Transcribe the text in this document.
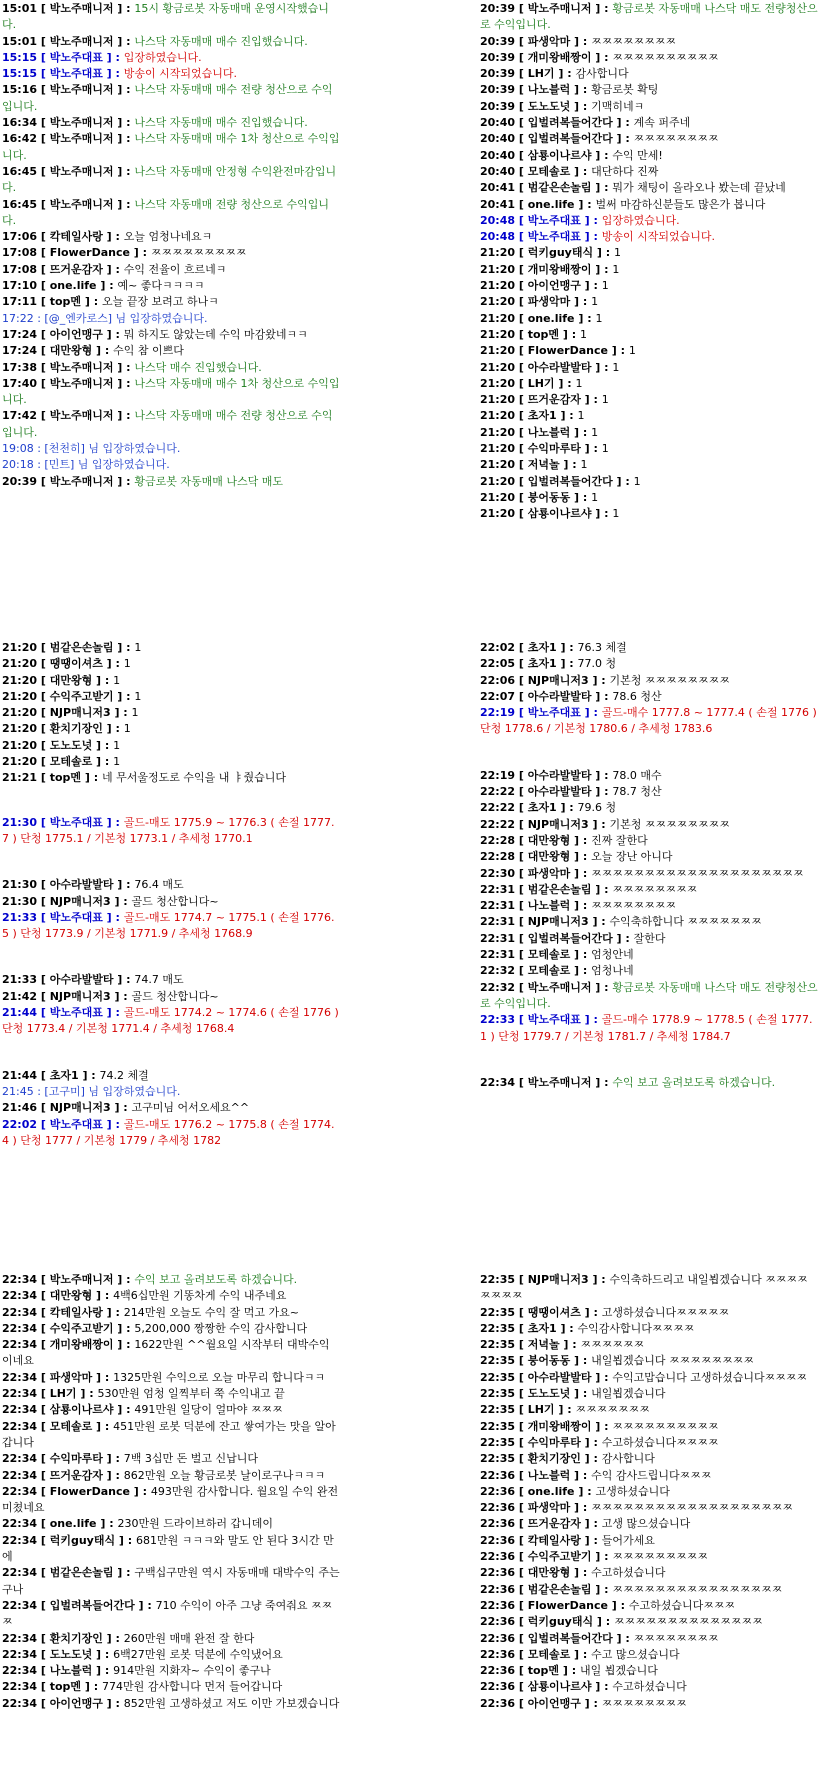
15:01 [ 박노주매니저 ] : 15시 황금로봇 자동매매 운영시작했습니다.
15:01 [ 박노주매니저 ] : 나스닥 자동매매 매수 진입했습니다.
15:15 [ 박노주대표 ] : 입장하였습니다.
15:15 [ 박노주대표 ] : 방송이 시작되었습니다.
15:16 [ 박노주매니저 ] : 나스닥 자동매매 매수 전량 청산으로 수익입니다.
16:34 [ 박노주매니저 ] : 나스닥 자동매매 매수 진입했습니다.
16:42 [ 박노주매니저 ] : 나스닥 자동매매 매수 1차 청산으로 수익입니다.
16:45 [ 박노주매니저 ] : 나스닥 자동매매 안정형 수익완전마감입니다.
16:45 [ 박노주매니저 ] : 나스닥 자동매매 전량 청산으로 수익입니다.
17:06 [ 칵테일사랑 ] : 오늘 엄청나네요ㅋ
17:08 [ FlowerDance ] : ㅉㅉㅉㅉㅉㅉㅉㅉㅉ
17:08 [ 뜨거운감자 ] : 수익 전율이 흐르네ㅋ
17:10 [ one.life ] : 예~ 좋다ㅋㅋㅋㅋ
17:11 [ top멘 ] : 오늘 끝장 보려고 하나ㅋ
17:22 : [@_엔카로스] 님 입장하였습니다.
17:24 [ 아이언맹구 ] : 뭐 하지도 않았는데 수익 마감왔네ㅋㅋ
17:24 [ 대만왕형 ] : 수익 참 이쁘다
17:38 [ 박노주매니저 ] : 나스닥 매수 진입했습니다.
17:40 [ 박노주매니저 ] : 나스닥 자동매매 매수 1차 청산으로 수익입니다.
17:42 [ 박노주매니저 ] : 나스닥 자동매매 매수 전량 청산으로 수익입니다.
19:08 : [천천히] 님 입장하였습니다.
20:18 : [민트] 님 입장하였습니다.
20:39 [ 박노주매니저 ] : 황금로봇 자동매매 나스닥 매도
20:39 [ 박노주매니저 ] : 황금로봇 자동매매 나스닥 매도 전량청산으로 수익입니다.
20:39 [ 파생악마 ] : ㅉㅉㅉㅉㅉㅉㅉㅉ
20:39 [ 개미왕배짱이 ] : ㅉㅉㅉㅉㅉㅉㅉㅉㅉㅉ
20:39 [ LH기 ] : 감사합니다
20:39 [ 나노블럭 ] : 황금로봇 확팅
20:39 [ 도노도넛 ] : 기맥히네ㅋ
20:40 [ 입벌려복들어간다 ] : 계속 퍼주네
20:40 [ 입벌려복들어간다 ] : ㅉㅉㅉㅉㅉㅉㅉㅉ
20:40 [ 삼룡이나르샤 ] : 수익 만세!
20:40 [ 모테솔로 ] : 대단하다 진짜
20:41 [ 범같은손놀림 ] : 뭐가 채팅이 올라오나 봤는데 끝났네
20:41 [ one.life ] : 벌써 마감하신분들도 많은가 봅니다
20:48 [ 박노주대표 ] : 입장하였습니다.
20:48 [ 박노주대표 ] : 방송이 시작되었습니다.
21:20 [ 럭키guy태식 ] : 1
21:20 [ 개미왕배짱이 ] : 1
21:20 [ 아이언맹구 ] : 1
21:20 [ 파생악마 ] : 1
21:20 [ one.life ] : 1
21:20 [ top멘 ] : 1
21:20 [ FlowerDance ] : 1
21:20 [ 아수라발발타 ] : 1
21:20 [ LH기 ] : 1
21:20 [ 뜨거운감자 ] : 1
21:20 [ 초자1 ] : 1
21:20 [ 나노블럭 ] : 1
21:20 [ 수익마루타 ] : 1
21:20 [ 저녁놀 ] : 1
21:20 [ 입벌려복들어간다 ] : 1
21:20 [ 붕어동동 ] : 1
21:20 [ 삼룡이나르샤 ] : 1
21:20 [ 범같은손놀림 ] : 1
21:20 [ 땡땡이셔츠 ] : 1
21:20 [ 대만왕형 ] : 1
21:20 [ 수익주고받기 ] : 1
21:20 [ NJP매니저3 ] : 1
21:20 [ 환치기장인 ] : 1
21:20 [ 도노도넛 ] : 1
21:20 [ 모테솔로 ] : 1
21:21 [ top멘 ] : 네 무서울정도로 수익을 내 ㅑ줬습니다
21:30 [ 박노주대표 ] : 골드-매도 1775.9 ~ 1776.3 ( 손절 1777.7 ) 단청 1775.1 / 기본청 1773.1 / 추세청 1770.1
21:30 [ 아수라발발타 ] : 76.4 매도
21:30 [ NJP매니저3 ] : 골드 청산합니다~
21:33 [ 박노주대표 ] : 골드-매도 1774.7 ~ 1775.1 ( 손절 1776.5 ) 단청 1773.9 / 기본청 1771.9 / 추세청 1768.9
21:33 [ 아수라발발타 ] : 74.7 매도
21:42 [ NJP매니저3 ] : 골드 청산합니다~
21:44 [ 박노주대표 ] : 골드-매도 1774.2 ~ 1774.6 ( 손절 1776 ) 단청 1773.4 / 기본청 1771.4 / 추세청 1768.4
21:44 [ 초자1 ] : 74.2 체결
21:45 : [고구미] 님 입장하였습니다.
21:46 [ NJP매니저3 ] : 고구미님 어서오세요^^
22:02 [ 박노주대표 ] : 골드-매도 1776.2 ~ 1775.8 ( 손절 1774.4 ) 단청 1777 / 기본청 1779 / 추세청 1782
22:02 [ 초자1 ] : 76.3 체결
22:05 [ 초자1 ] : 77.0 청
22:06 [ NJP매니저3 ] : 기본청 ㅉㅉㅉㅉㅉㅉㅉㅉ
22:07 [ 아수라발발타 ] : 78.6 청산
22:19 [ 박노주대표 ] : 골드-매수 1777.8 ~ 1777.4 ( 손절 1776 ) 단청 1778.6 / 기본청 1780.6 / 추세청 1783.6
22:19 [ 아수라발발타 ] : 78.0 매수
22:22 [ 아수라발발타 ] : 78.7 청산
22:22 [ 초자1 ] : 79.6 청
22:22 [ NJP매니저3 ] : 기본청 ㅉㅉㅉㅉㅉㅉㅉㅉ
22:28 [ 대만왕형 ] : 진짜 잘한다
22:28 [ 대만왕형 ] : 오늘 장난 아니다
22:30 [ 파생악마 ] : ㅉㅉㅉㅉㅉㅉㅉㅉㅉㅉㅉㅉㅉㅉㅉㅉㅉㅉㅉㅉ
22:31 [ 범같은손놀림 ] : ㅉㅉㅉㅉㅉㅉㅉㅉ
22:31 [ 나노블럭 ] : ㅉㅉㅉㅉㅉㅉㅉㅉ
22:31 [ NJP매니저3 ] : 수익축하합니다 ㅉㅉㅉㅉㅉㅉㅉ
22:31 [ 입벌려복들어간다 ] : 잘한다
22:31 [ 모테솔로 ] : 엄청안네
22:32 [ 모테솔로 ] : 엄청나네
22:32 [ 박노주매니저 ] : 황금로봇 자동매매 나스닥 매도 전량청산으로 수익입니다.
22:33 [ 박노주대표 ] : 골드-매수 1778.9 ~ 1778.5 ( 손절 1777.1 ) 단청 1779.7 / 기본청 1781.7 / 추세청 1784.7
22:34 [ 박노주매니저 ] : 수익 보고 올려보도록 하겠습니다.
22:34 [ 박노주매니저 ] : 수익 보고 올려보도록 하겠습니다.
22:34 [ 대만왕형 ] : 4백6십만원 기똥차게 수익 내주네요
22:34 [ 칵테일사랑 ] : 214만원 오늘도 수익 잘 먹고 가요~
22:34 [ 수익주고받기 ] : 5,200,000 짱짱한 수익 감사합니다
22:34 [ 개미왕배짱이 ] : 1622만원 ^^월요일 시작부터 대박수익이네요
22:34 [ 파생악마 ] : 1325만원 수익으로 오늘 마무리 합니다ㅋㅋ
22:34 [ LH기 ] : 530만원 엄청 일찍부터 쭉 수익내고 끝
22:34 [ 삼룡이나르샤 ] : 491만원 일당이 얼마야 ㅉㅉㅉ
22:34 [ 모테솔로 ] : 451만원 로봇 덕분에 잔고 쌓여가는 맛을 알아갑니다
22:34 [ 수익마루타 ] : 7백 3십만 돈 벌고 신납니다
22:34 [ 뜨거운감자 ] : 862만원 오늘 황금로봇 날이로구나ㅋㅋㅋ
22:34 [ FlowerDance ] : 493만원 감사합니다. 월요일 수익 완전 미쳤네요
22:34 [ one.life ] : 230만원 드라이브하러 갑니데이
22:34 [ 럭키guy태식 ] : 681만원 ㅋㅋㅋ와 말도 안 된다 3시간 만에
22:34 [ 범같은손놀림 ] : 구백십구만원 역시 자동매매 대박수익 주는구나
22:34 [ 입벌려복들어간다 ] : 710 수익이 아주 그냥 죽여줘요 ㅉㅉㅉ
22:34 [ 환치기장인 ] : 260만원 매매 완전 잘 한다
22:34 [ 도노도넛 ] : 6백27만원 로봇 덕분에 수익냈어요
22:34 [ 나노블럭 ] : 914만원 지화자~ 수익이 좋구나
22:34 [ top멘 ] : 774만원 감사합니다 먼저 들어갑니다
22:34 [ 아이언맹구 ] : 852만원 고생하셨고 저도 이만 가보겠습니다
22:35 [ NJP매니저3 ] : 수익축하드리고 내일뵙겠습니다 ㅉㅉㅉㅉㅉㅉㅉㅉ
22:35 [ 땡땡이셔츠 ] : 고생하셨습니다ㅉㅉㅉㅉㅉ
22:35 [ 초자1 ] : 수익감사합니다ㅉㅉㅉㅉ
22:35 [ 저녁놀 ] : ㅉㅉㅉㅉㅉㅉ
22:35 [ 붕어동동 ] : 내일뵙겠습니다 ㅉㅉㅉㅉㅉㅉㅉㅉ
22:35 [ 아수라발발타 ] : 수익고맙습니다 고생하셨습니다ㅉㅉㅉㅉ
22:35 [ 도노도넛 ] : 내일뵙겠습니다
22:35 [ LH기 ] : ㅉㅉㅉㅉㅉㅉㅉ
22:35 [ 개미왕배짱이 ] : ㅉㅉㅉㅉㅉㅉㅉㅉㅉㅉ
22:35 [ 수익마루타 ] : 수고하셨습니다ㅉㅉㅉㅉ
22:35 [ 환치기장인 ] : 감사합니다
22:36 [ 나노블럭 ] : 수익 감사드립니다ㅉㅉㅉ
22:36 [ one.life ] : 고생하셨습니다
22:36 [ 파생악마 ] : ㅉㅉㅉㅉㅉㅉㅉㅉㅉㅉㅉㅉㅉㅉㅉㅉㅉㅉㅉ
22:36 [ 뜨거운감자 ] : 고생 많으셨습니다
22:36 [ 칵테일사랑 ] : 들어가세요
22:36 [ 수익주고받기 ] : ㅉㅉㅉㅉㅉㅉㅉㅉㅉ
22:36 [ 대만왕형 ] : 수고하셨습니다
22:36 [ 범같은손놀림 ] : ㅉㅉㅉㅉㅉㅉㅉㅉㅉㅉㅉㅉㅉㅉㅉㅉ
22:36 [ FlowerDance ] : 수고하셨습니다ㅉㅉㅉ
22:36 [ 럭키guy태식 ] : ㅉㅉㅉㅉㅉㅉㅉㅉㅉㅉㅉㅉㅉㅉ
22:36 [ 입벌려복들어간다 ] : ㅉㅉㅉㅉㅉㅉㅉㅉ
22:36 [ 모테솔로 ] : 수고 많으셨습니다
22:36 [ top멘 ] : 내일 뵙겠습니다
22:36 [ 삼룡이나르샤 ] : 수고하셨습니다
22:36 [ 아이언맹구 ] : ㅉㅉㅉㅉㅉㅉㅉㅉ
